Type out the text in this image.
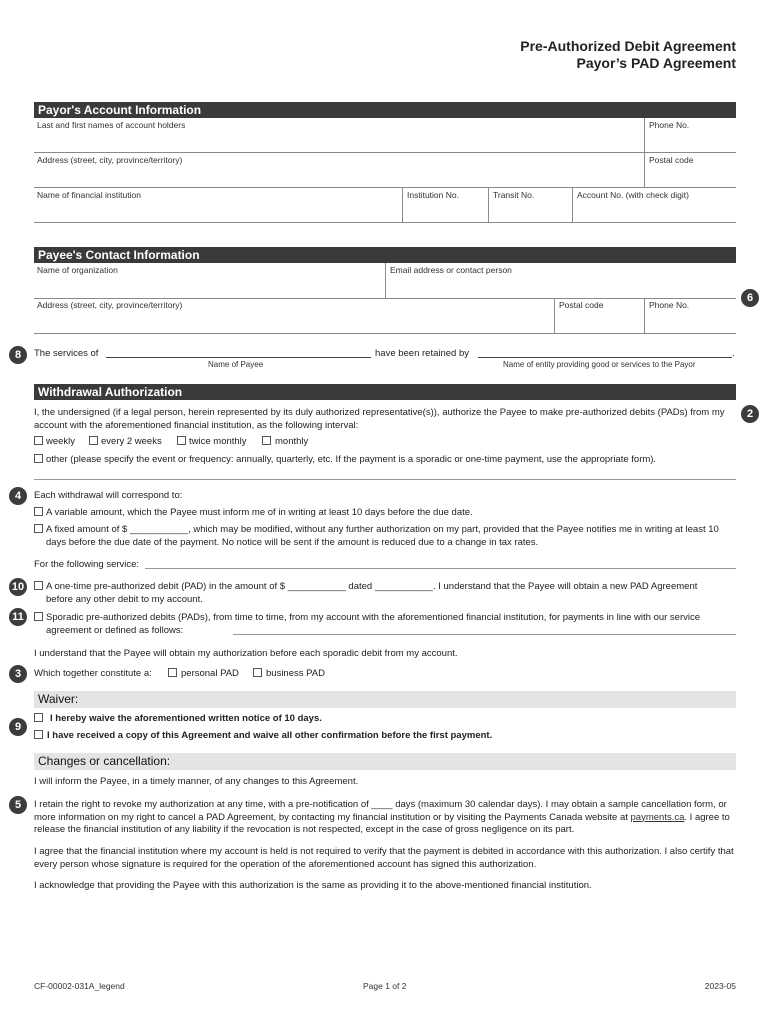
Pre-Authorized Debit Agreement
Payor’s PAD Agreement
Payor's Account Information
Last and first names of account holders	Phone No.
Address (street, city, province/territory)	Postal code
Name of financial institution	Institution No.	Transit No.	Account No. (with check digit)
Payee's Contact Information
Name of organization	Email address or contact person
Address (street, city, province/territory)	Postal code	Phone No.
6
8	The services of	have been retained by	.
Name of Payee	Name of entity providing good or services to the Payor
Withdrawal Authorization
2
I, the undersigned (if a legal person, herein represented by its duly authorized representative(s)), authorize the Payee to make pre-authorized debits (PADs) from my account with the aforementioned financial institution, as the following interval:
weekly	every 2 weeks	twice monthly	monthly
other (please specify the event or frequency: annually, quarterly, etc. If the payment is a sporadic or one-time payment, use the appropriate form).
4	Each withdrawal will correspond to:
A variable amount, which the Payee must inform me of in writing at least 10 days before the due date.
A fixed amount of $ ___________, which may be modified, without any further authorization on my part, provided that the Payee notifies me in writing at least 10 days before the due date of the payment. No notice will be sent if the amount is reduced due to a change in tax rates.
For the following service:
10	A one-time pre-authorized debit (PAD) in the amount of $ ___________ dated ___________. I understand that the Payee will obtain a new PAD Agreement before any other debit to my account.
11	Sporadic pre-authorized debits (PADs), from time to time, from my account with the aforementioned financial institution, for payments in line with our service agreement or defined as follows:
I understand that the Payee will obtain my authorization before each sporadic debit from my account.
3	Which together constitute a:	personal PAD	business PAD
Waiver:
9
I hereby waive the aforementioned written notice of 10 days.
I have received a copy of this Agreement and waive all other confirmation before the first payment.
Changes or cancellation:
I will inform the Payee, in a timely manner, of any changes to this Agreement.
5	I retain the right to revoke my authorization at any time, with a pre-notification of ____ days (maximum 30 calendar days). I may obtain a sample cancellation form, or more information on my right to cancel a PAD Agreement, by contacting my financial institution or by visiting the Payments Canada website at payments.ca. I agree to release the financial institution of any liability if the revocation is not respected, except in the case of gross negligence on its part.
I agree that the financial institution where my account is held is not required to verify that the payment is debited in accordance with this authorization. I also certify that every person whose signature is required for the operation of the aforementioned account has signed this authorization.
I acknowledge that providing the Payee with this authorization is the same as providing it to the above-mentioned financial institution.
CF-00002-031A_legend	Page 1 of 2	2023-05
